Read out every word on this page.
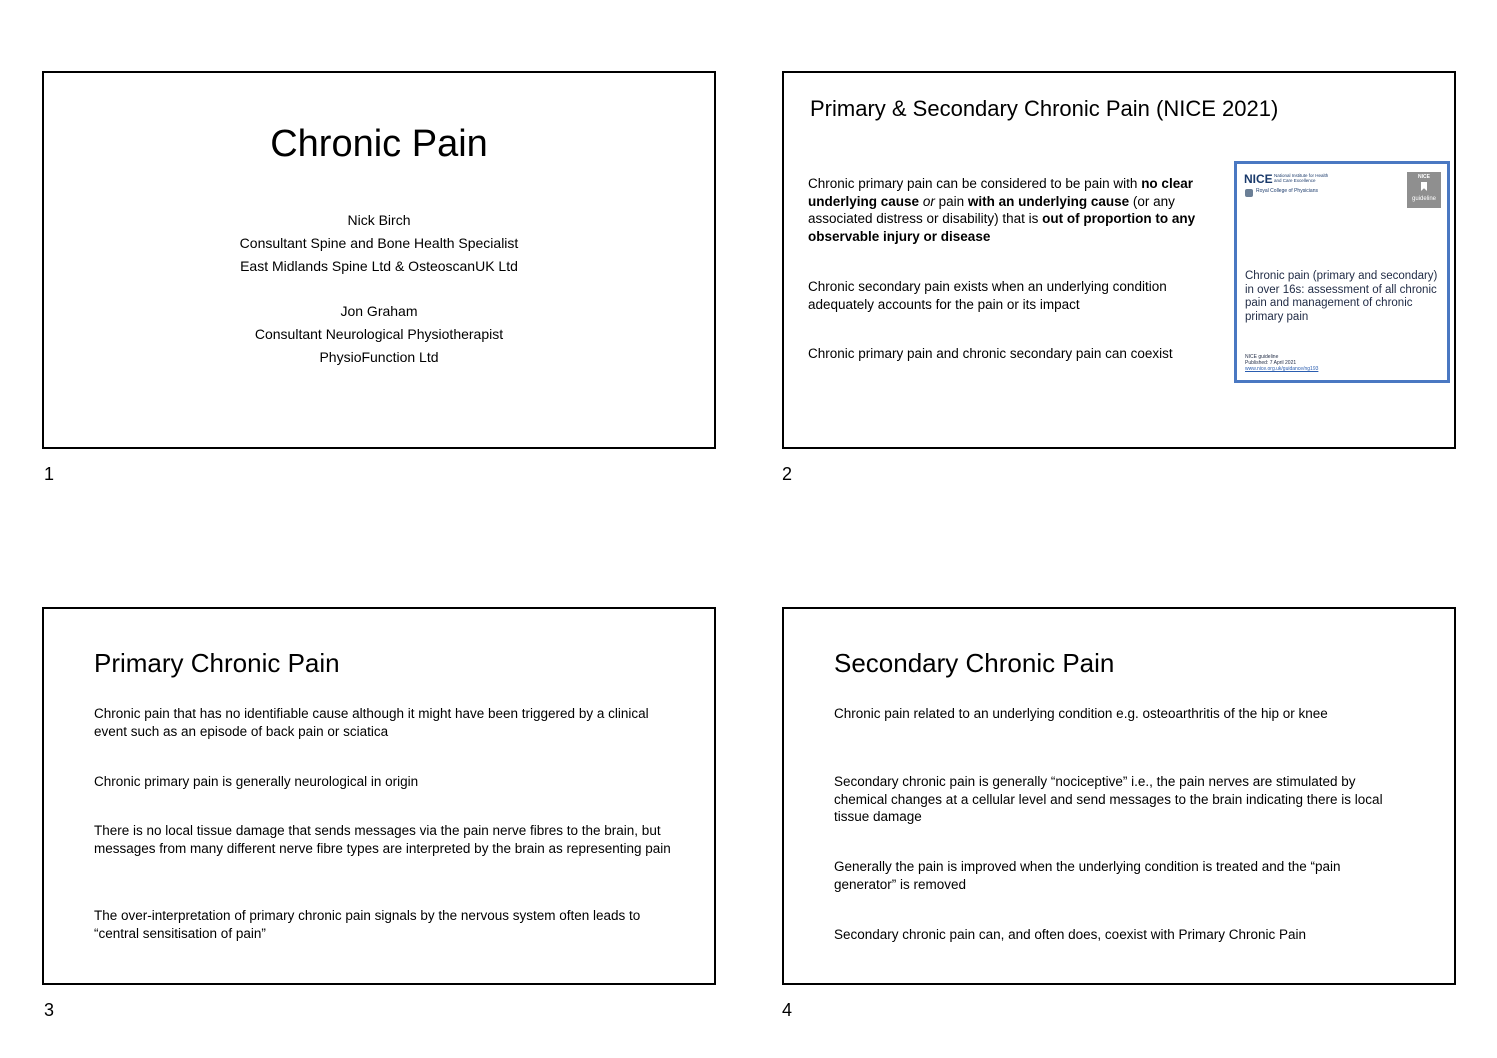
Chronic Pain
Nick Birch
Consultant Spine and Bone Health Specialist
East Midlands Spine Ltd & OsteoscanUK Ltd
Jon Graham
Consultant Neurological Physiotherapist
PhysioFunction Ltd
1
Primary & Secondary Chronic Pain (NICE 2021)
Chronic primary pain can be considered to be pain with no clear underlying cause or pain with an underlying cause (or any associated distress or disability) that is out of proportion to any observable injury or disease
Chronic secondary pain exists when an underlying condition adequately accounts for the pain or its impact
Chronic primary pain and chronic secondary pain can coexist
NICE National Institute for Health and Care Excellence
Royal College of Physicians
NICE
guideline
Chronic pain (primary and secondary) in over 16s: assessment of all chronic pain and management of chronic primary pain
NICE guideline
Published: 7 April 2021
www.nice.org.uk/guidance/ng193
2
Primary Chronic Pain
Chronic pain that has no identifiable cause although it might have been triggered by a clinical event such as an episode of back pain or sciatica
Chronic primary pain is generally neurological in origin
There is no local tissue damage that sends messages via the pain nerve fibres to the brain, but messages from many different nerve fibre types are interpreted by the brain as representing pain
The over-interpretation of primary chronic pain signals by the nervous system often leads to “central sensitisation of pain”
3
Secondary Chronic Pain
Chronic pain related to an underlying condition e.g. osteoarthritis of the hip or knee
Secondary chronic pain is generally “nociceptive” i.e., the pain nerves are stimulated by chemical changes at a cellular level and send messages to the brain indicating there is local tissue damage
Generally the pain is improved when the underlying condition is treated and the “pain generator” is removed
Secondary chronic pain can, and often does, coexist with Primary Chronic Pain
4
